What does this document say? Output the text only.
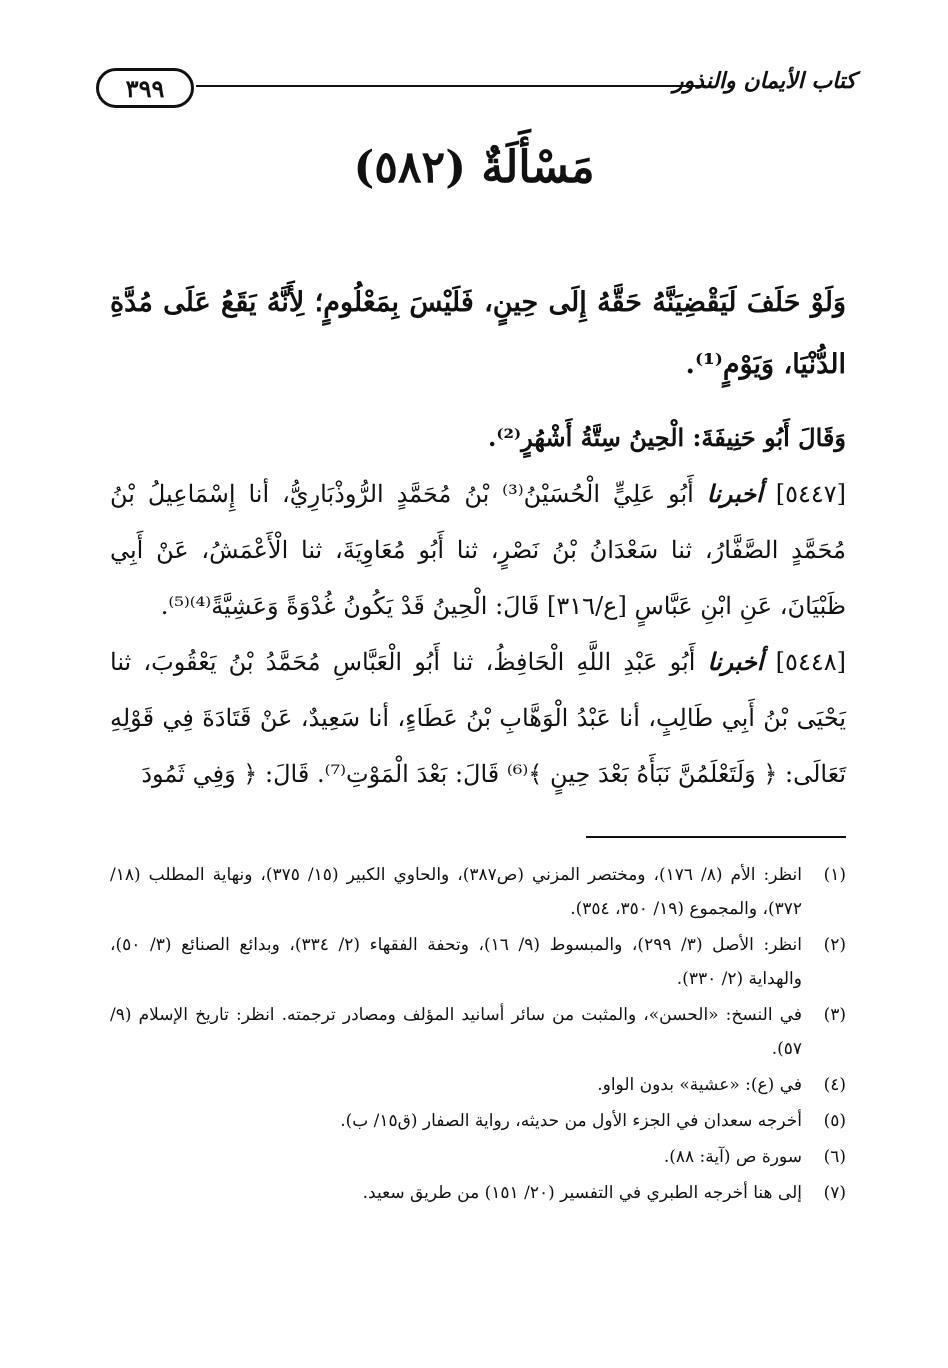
٣٩٩	كتاب الأيمان والنذور
مَسْأَلَةٌ (٥٨٢)

وَلَوْ حَلَفَ لَيَقْضِيَنَّهُ حَقَّهُ إِلَى حِينٍ، فَلَيْسَ بِمَعْلُومٍ؛ لِأَنَّهُ يَقَعُ عَلَى مُدَّةِ الدُّنْيَا، وَيَوْمٍ⁽¹⁾.

وَقَالَ أَبُو حَنِيفَةَ: الْحِينُ سِتَّةُ أَشْهُرٍ⁽²⁾.

[٥٤٤٧] أخبرنا أَبُو عَلِيٍّ الْحُسَيْنُ⁽³⁾ بْنُ مُحَمَّدٍ الرُّوذْبَارِيُّ، أنا إِسْمَاعِيلُ بْنُ مُحَمَّدٍ الصَّفَّارُ، ثنا سَعْدَانُ بْنُ نَصْرٍ، ثنا أَبُو مُعَاوِيَةَ، ثنا الْأَعْمَشُ، عَنْ أَبِي ظَبْيَانَ، عَنِ ابْنِ عَبَّاسٍ [ع/٣١٦] قَالَ: الْحِينُ قَدْ يَكُونُ غُدْوَةً وَعَشِيَّةً⁽⁴⁾⁽⁵⁾.

[٥٤٤٨] أخبرنا أَبُو عَبْدِ اللَّهِ الْحَافِظُ، ثنا أَبُو الْعَبَّاسِ مُحَمَّدُ بْنُ يَعْقُوبَ، ثنا يَحْيَى بْنُ أَبِي طَالِبٍ، أنا عَبْدُ الْوَهَّابِ بْنُ عَطَاءٍ، أنا سَعِيدٌ، عَنْ قَتَادَةَ فِي قَوْلِهِ تَعَالَى: ﴿ وَلَتَعْلَمُنَّ نَبَأَهُ بَعْدَ حِينٍ ﴾⁽⁶⁾ قَالَ: بَعْدَ الْمَوْتِ⁽⁷⁾. قَالَ: ﴿ وَفِي ثَمُودَ

(١)
انظر: الأم (٨/ ١٧٦)، ومختصر المزني (ص٣٨٧)، والحاوي الكبير (١٥/ ٣٧٥)، ونهاية المطلب (١٨/ ٣٧٢)، والمجموع (١٩/ ٣٥٠، ٣٥٤).
(٢)
انظر: الأصل (٣/ ٢٩٩)، والمبسوط (٩/ ١٦)، وتحفة الفقهاء (٢/ ٣٣٤)، وبدائع الصنائع (٣/ ٥٠)، والهداية (٢/ ٣٣٠).
(٣)
في النسخ: «الحسن»، والمثبت من سائر أسانيد المؤلف ومصادر ترجمته. انظر: تاريخ الإسلام (٩/ ٥٧).
(٤)
في (ع): «عشية» بدون الواو.
(٥)
أخرجه سعدان في الجزء الأول من حديثه، رواية الصفار (ق١٥/ ب).
(٦)
سورة ص (آية: ٨٨).
(٧)
إلى هنا أخرجه الطبري في التفسير (٢٠/ ١٥١) من طريق سعيد.
